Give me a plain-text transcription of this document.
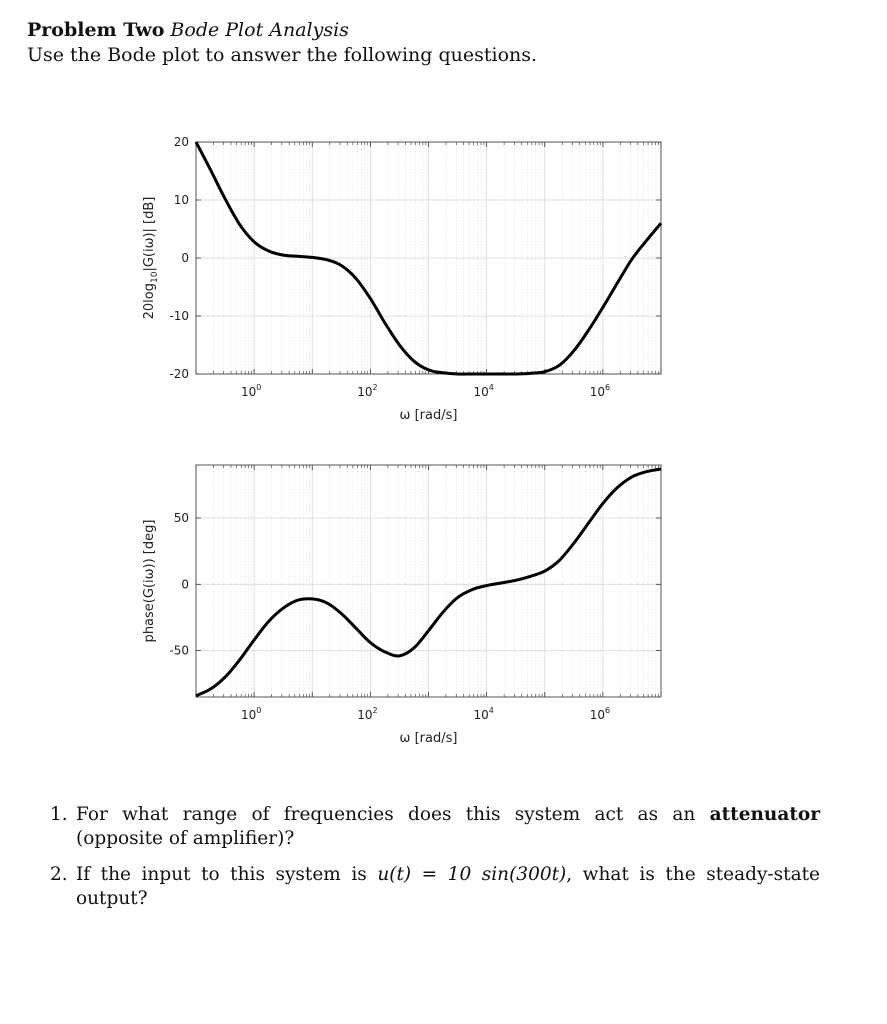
Problem Two Bode Plot Analysis
Use the Bode plot to answer the following questions.
20
10
0
-10
-20
$10^0$	$10^2$	$10^4$	$10^6$
ω [rad/s]
$20\log_{10}|G(i\omega)|$ [dB]
50
0
-50
$10^0$	$10^2$	$10^4$	$10^6$
ω [rad/s]
phase(G(iω)) [deg]
1. For what range of frequencies does this system act as an attenuator (opposite of amplifier)?
2. If the input to this system is u(t) = 10 sin(300t), what is the steady-state output?
